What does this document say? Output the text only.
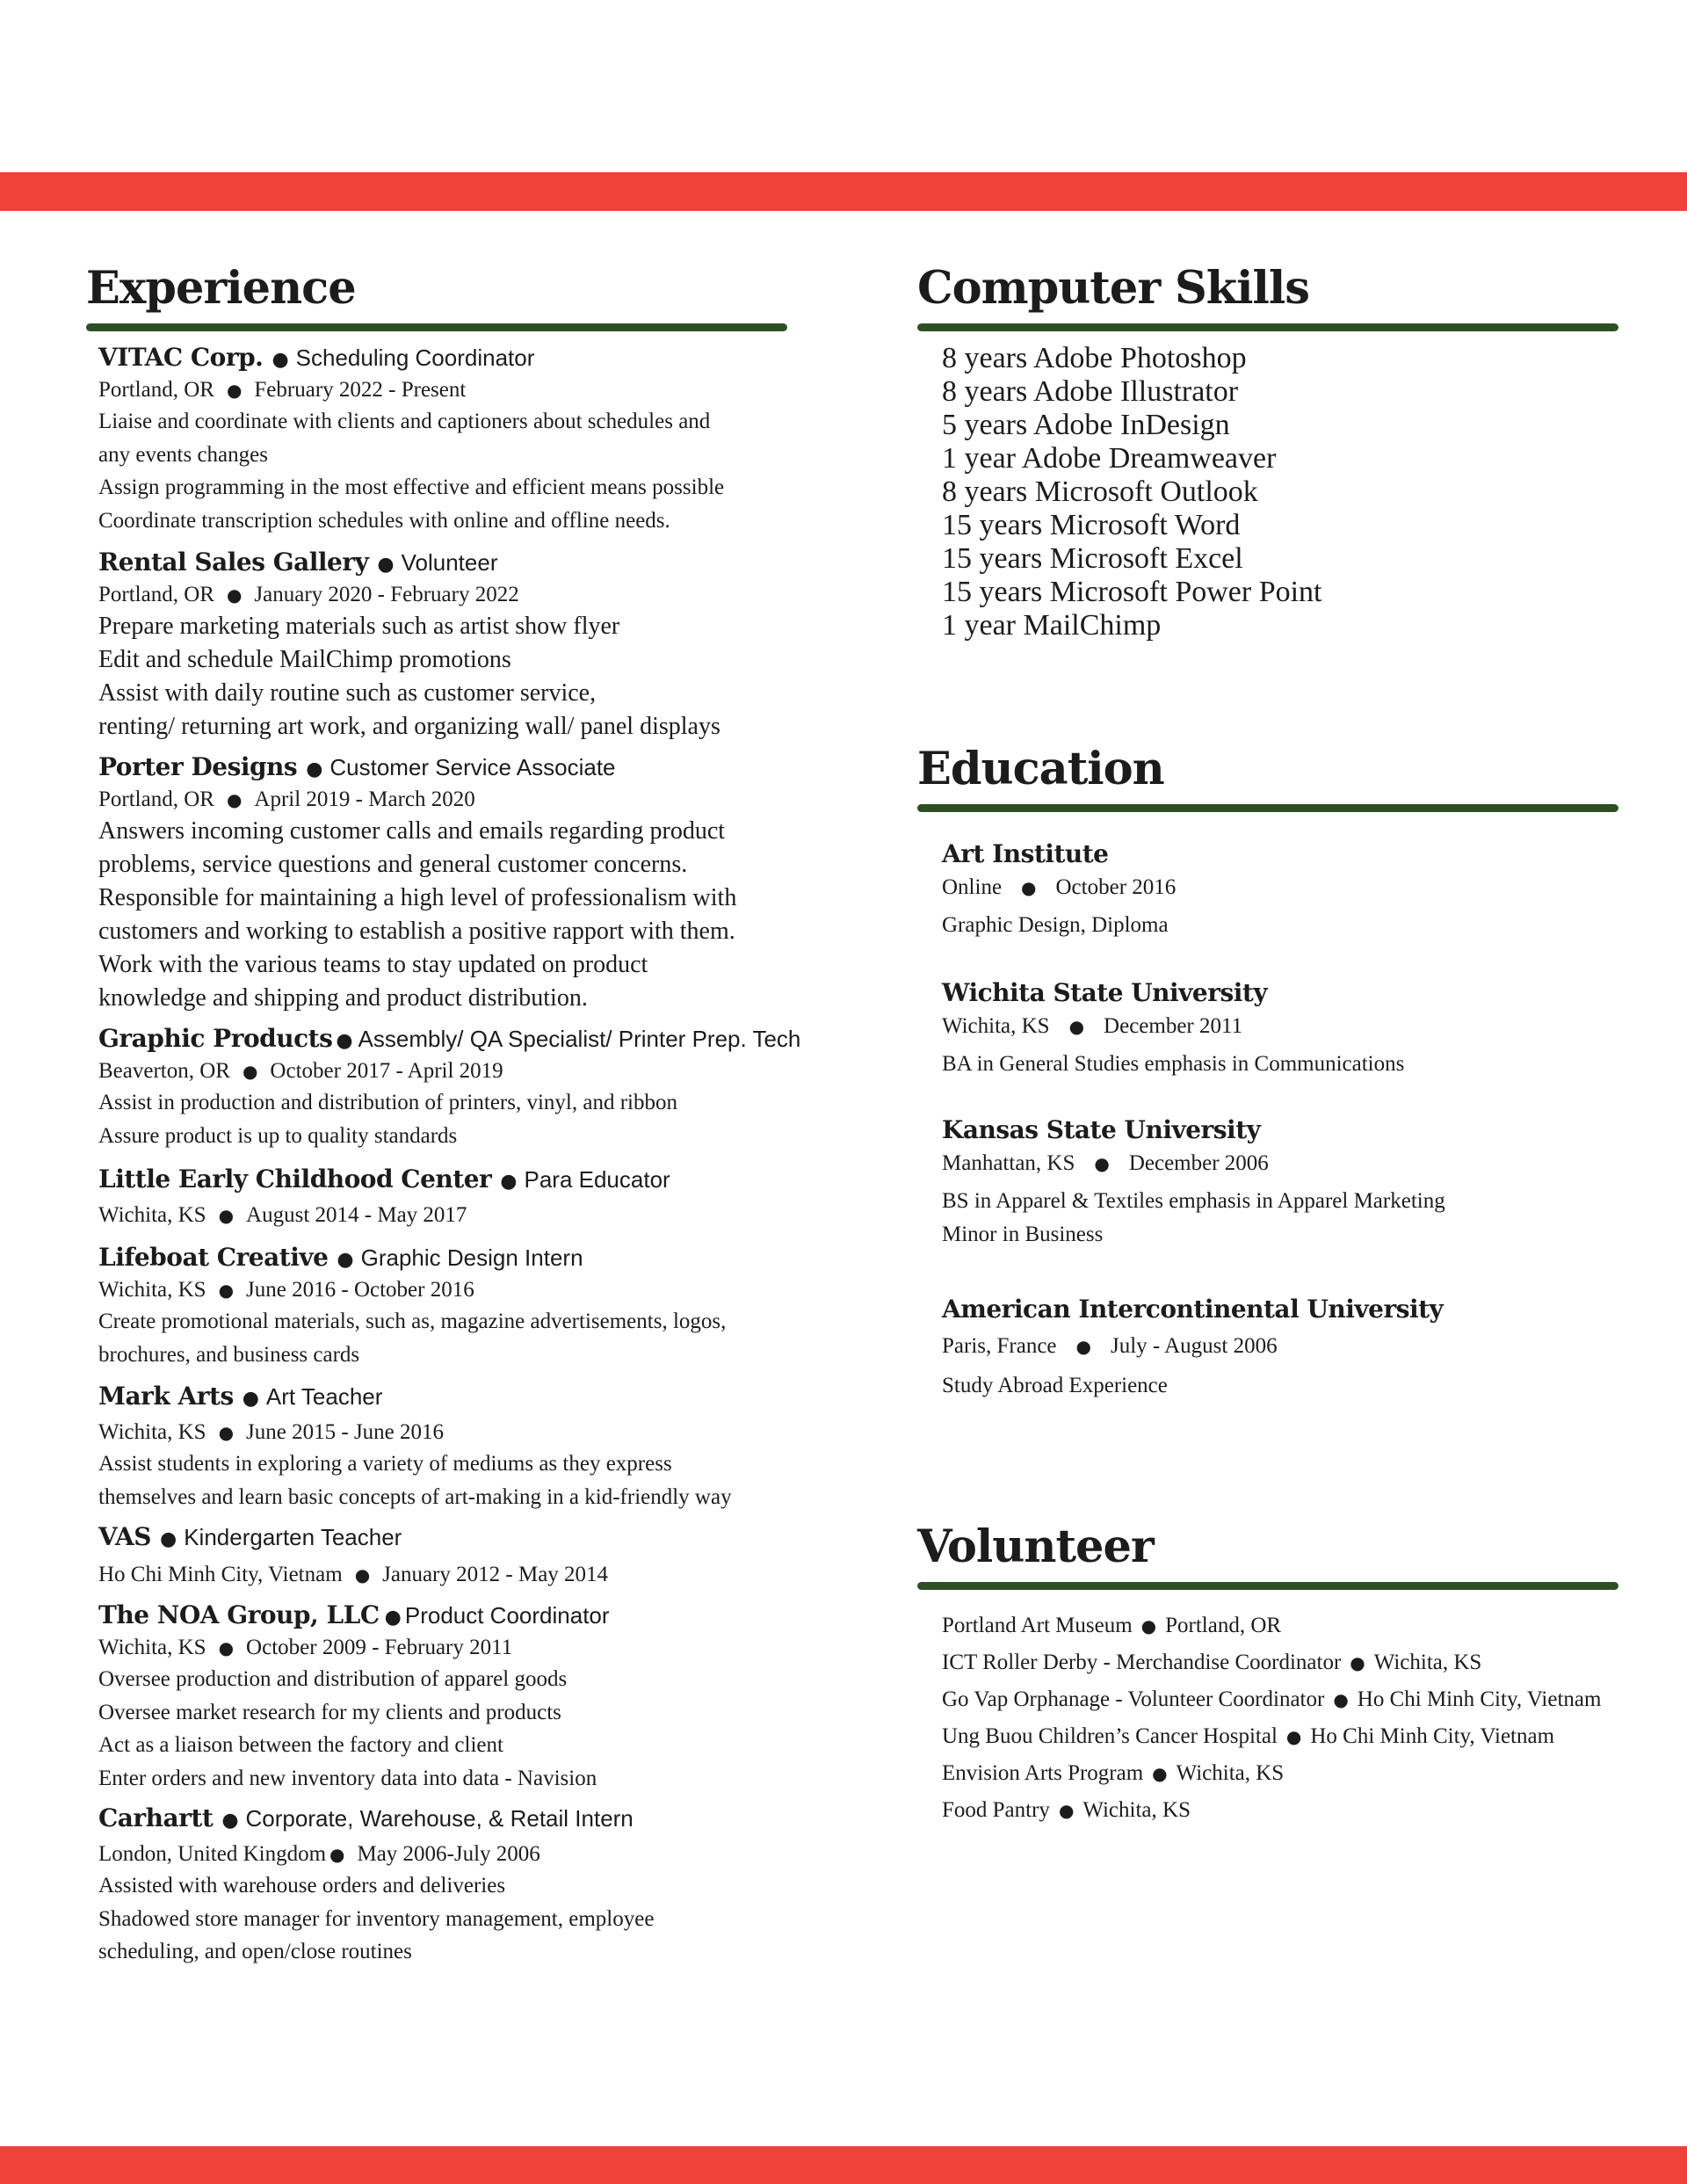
Experience
VITAC Corp. ● Scheduling Coordinator
Portland, OR ● February 2022 - Present
Liaise and coordinate with clients and captioners about schedules and
any events changes
Assign programming in the most effective and efficient means possible
Coordinate transcription schedules with online and offline needs.
Rental Sales Gallery ● Volunteer
Portland, OR ● January 2020 - February 2022
Prepare marketing materials such as artist show flyer
Edit and schedule MailChimp promotions
Assist with daily routine such as customer service,
renting/ returning art work, and organizing wall/ panel displays
Porter Designs ● Customer Service Associate
Portland, OR ● April 2019 - March 2020
Answers incoming customer calls and emails regarding product
problems, service questions and general customer concerns.
Responsible for maintaining a high level of professionalism with
customers and working to establish a positive rapport with them.
Work with the various teams to stay updated on product
knowledge and shipping and product distribution.
Graphic Products ● Assembly/ QA Specialist/ Printer Prep. Tech
Beaverton, OR ● October 2017 - April 2019
Assist in production and distribution of printers, vinyl, and ribbon
Assure product is up to quality standards
Little Early Childhood Center ● Para Educator
Wichita, KS ● August 2014 - May 2017
Lifeboat Creative ● Graphic Design Intern
Wichita, KS ● June 2016 - October 2016
Create promotional materials, such as, magazine advertisements, logos,
brochures, and business cards
Mark Arts ● Art Teacher
Wichita, KS ● June 2015 - June 2016
Assist students in exploring a variety of mediums as they express
themselves and learn basic concepts of art-making in a kid-friendly way
VAS ● Kindergarten Teacher
Ho Chi Minh City, Vietnam ● January 2012 - May 2014
The NOA Group, LLC ● Product Coordinator
Wichita, KS ● October 2009 - February 2011
Oversee production and distribution of apparel goods
Oversee market research for my clients and products
Act as a liaison between the factory and client
Enter orders and new inventory data into data - Navision
Carhartt ● Corporate, Warehouse, & Retail Intern
London, United Kingdom ● May 2006-July 2006
Assisted with warehouse orders and deliveries
Shadowed store manager for inventory management, employee
scheduling, and open/close routines
Computer Skills
8 years Adobe Photoshop
8 years Adobe Illustrator
5 years Adobe InDesign
1 year Adobe Dreamweaver
8 years Microsoft Outlook
15 years Microsoft Word
15 years Microsoft Excel
15 years Microsoft Power Point
1 year MailChimp
Education
Art Institute
Online ● October 2016
Graphic Design, Diploma
Wichita State University
Wichita, KS ● December 2011
BA in General Studies emphasis in Communications
Kansas State University
Manhattan, KS ● December 2006
BS in Apparel & Textiles emphasis in Apparel Marketing
Minor in Business
American Intercontinental University
Paris, France ● July - August 2006
Study Abroad Experience
Volunteer
Portland Art Museum ● Portland, OR
ICT Roller Derby - Merchandise Coordinator ● Wichita, KS
Go Vap Orphanage - Volunteer Coordinator ● Ho Chi Minh City, Vietnam
Ung Buou Children’s Cancer Hospital ● Ho Chi Minh City, Vietnam
Envision Arts Program ● Wichita, KS
Food Pantry ● Wichita, KS
